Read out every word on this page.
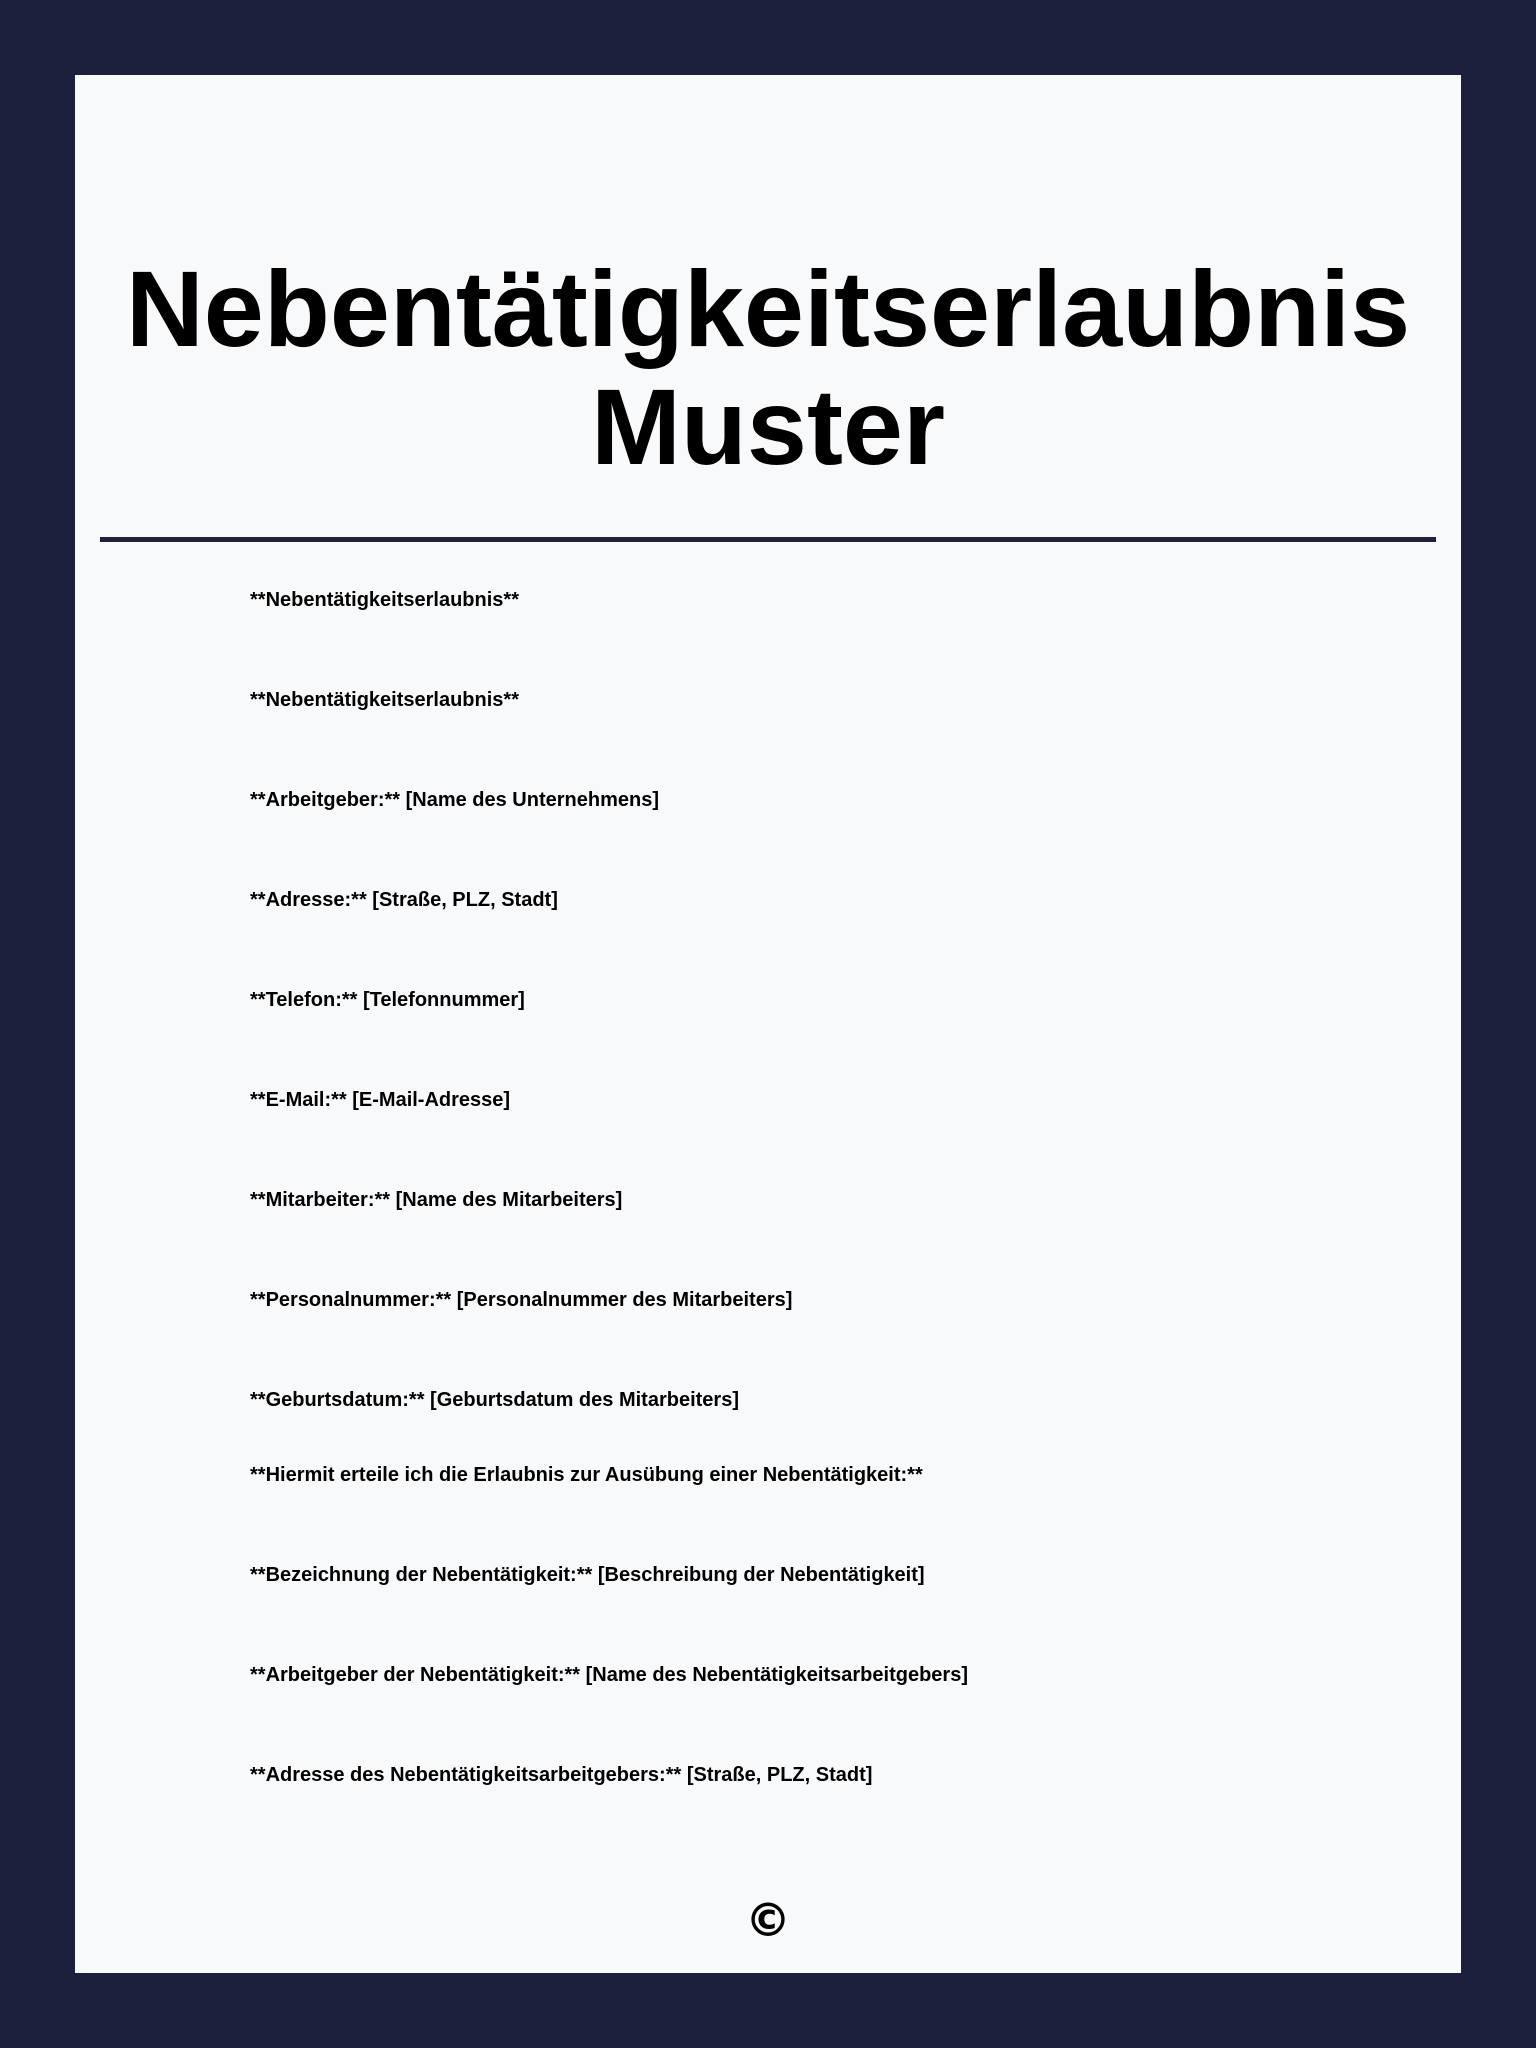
Nebentätigkeitserlaubnis
Muster

**Nebentätigkeitserlaubnis**

**Nebentätigkeitserlaubnis**

**Arbeitgeber:** [Name des Unternehmens]

**Adresse:** [Straße, PLZ, Stadt]

**Telefon:** [Telefonnummer]

**E-Mail:** [E-Mail-Adresse]

**Mitarbeiter:** [Name des Mitarbeiters]

**Personalnummer:** [Personalnummer des Mitarbeiters]

**Geburtsdatum:** [Geburtsdatum des Mitarbeiters]

**Hiermit erteile ich die Erlaubnis zur Ausübung einer Nebentätigkeit:**

**Bezeichnung der Nebentätigkeit:** [Beschreibung der Nebentätigkeit]

**Arbeitgeber der Nebentätigkeit:** [Name des Nebentätigkeitsarbeitgebers]

**Adresse des Nebentätigkeitsarbeitgebers:** [Straße, PLZ, Stadt]

©
